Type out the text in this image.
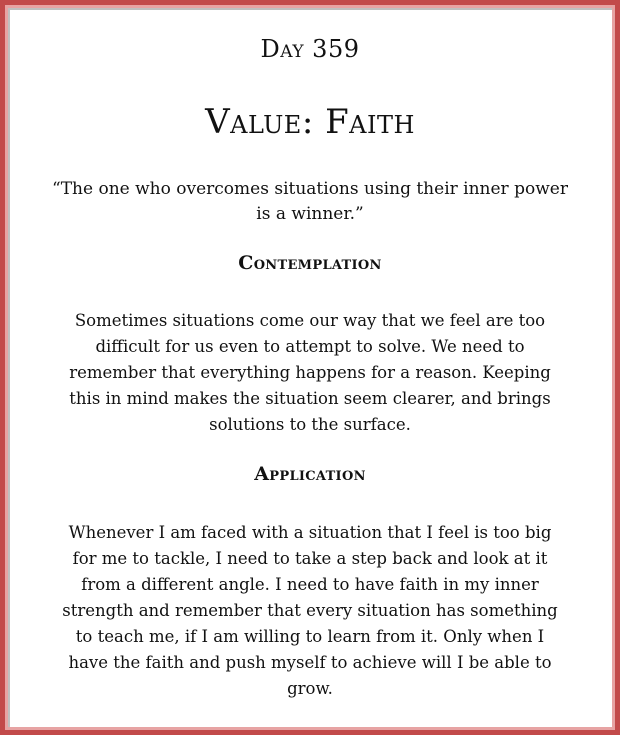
Day 359
Value: Faith
“The one who overcomes situations using their inner power is a winner.”
Contemplation
Sometimes situations come our way that we feel are too difficult for us even to attempt to solve. We need to remember that everything happens for a reason. Keeping this in mind makes the situation seem clearer, and brings solutions to the surface.
Application
Whenever I am faced with a situation that I feel is too big for me to tackle, I need to take a step back and look at it from a different angle. I need to have faith in my inner strength and remember that every situation has something to teach me, if I am willing to learn from it. Only when I have the faith and push myself to achieve will I be able to grow.
